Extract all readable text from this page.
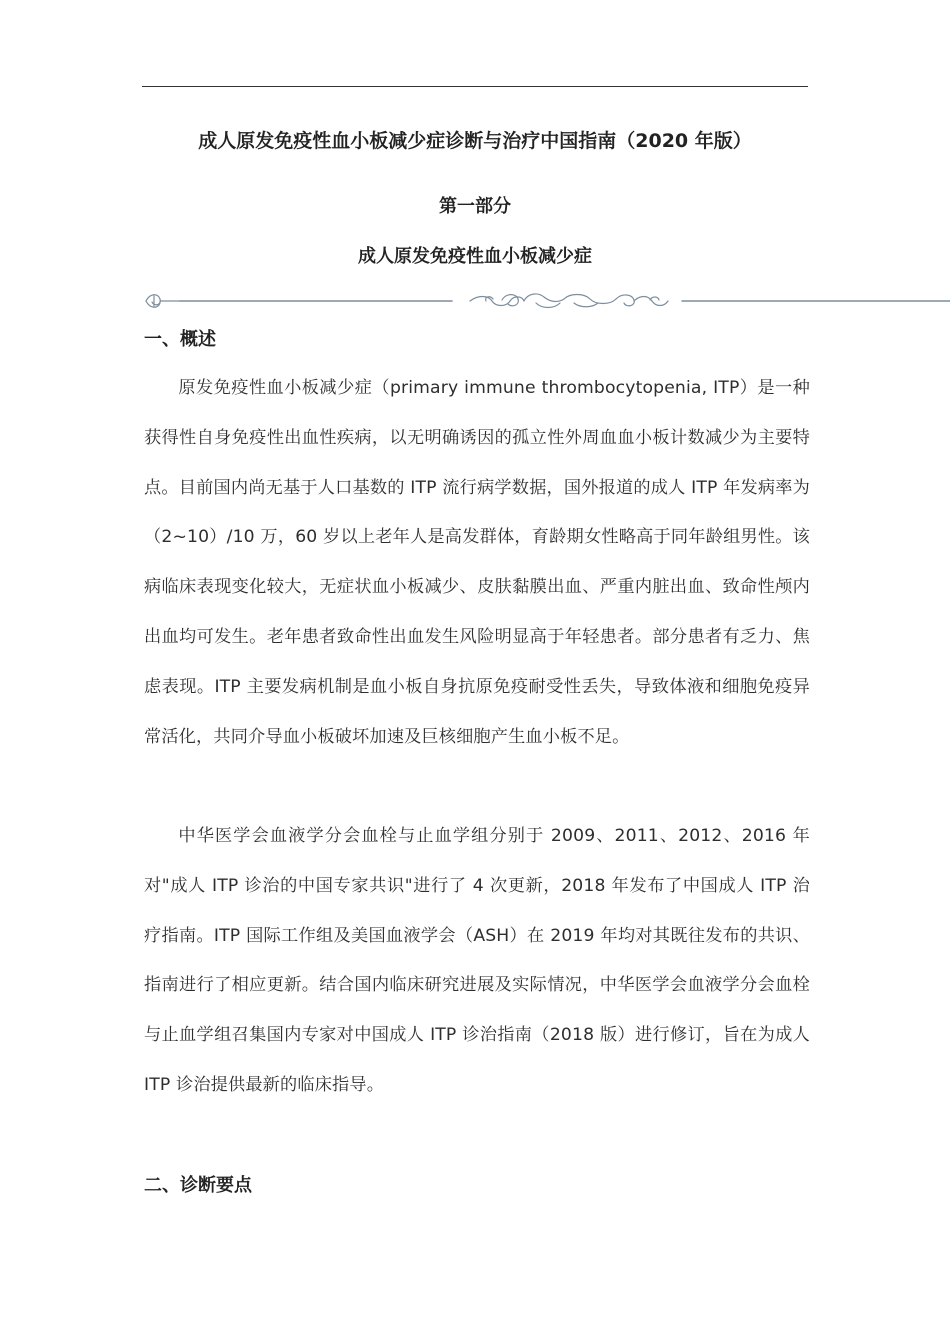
成人原发免疫性血小板减少症诊断与治疗中国指南（2020 年版）
第一部分
成人原发免疫性血小板减少症
一、概述

原发免疫性血小板减少症（primary immune thrombocytopenia, ITP）是一种获得性自身免疫性出血性疾病，以无明确诱因的孤立性外周血血小板计数减少为主要特点。目前国内尚无基于人口基数的 ITP 流行病学数据，国外报道的成人 ITP 年发病率为（2~10）/10 万，60 岁以上老年人是高发群体，育龄期女性略高于同年龄组男性。该病临床表现变化较大，无症状血小板减少、皮肤黏膜出血、严重内脏出血、致命性颅内出血均可发生。老年患者致命性出血发生风险明显高于年轻患者。部分患者有乏力、焦虑表现。ITP 主要发病机制是血小板自身抗原免疫耐受性丢失，导致体液和细胞免疫异常活化，共同介导血小板破坏加速及巨核细胞产生血小板不足。

中华医学会血液学分会血栓与止血学组分别于 2009、2011、2012、2016 年对"成人 ITP 诊治的中国专家共识"进行了 4 次更新，2018 年发布了中国成人 ITP 治疗指南。ITP 国际工作组及美国血液学会（ASH）在 2019 年均对其既往发布的共识、指南进行了相应更新。结合国内临床研究进展及实际情况，中华医学会血液学分会血栓与止血学组召集国内专家对中国成人 ITP 诊治指南（2018 版）进行修订，旨在为成人 ITP 诊治提供最新的临床指导。

二、诊断要点
